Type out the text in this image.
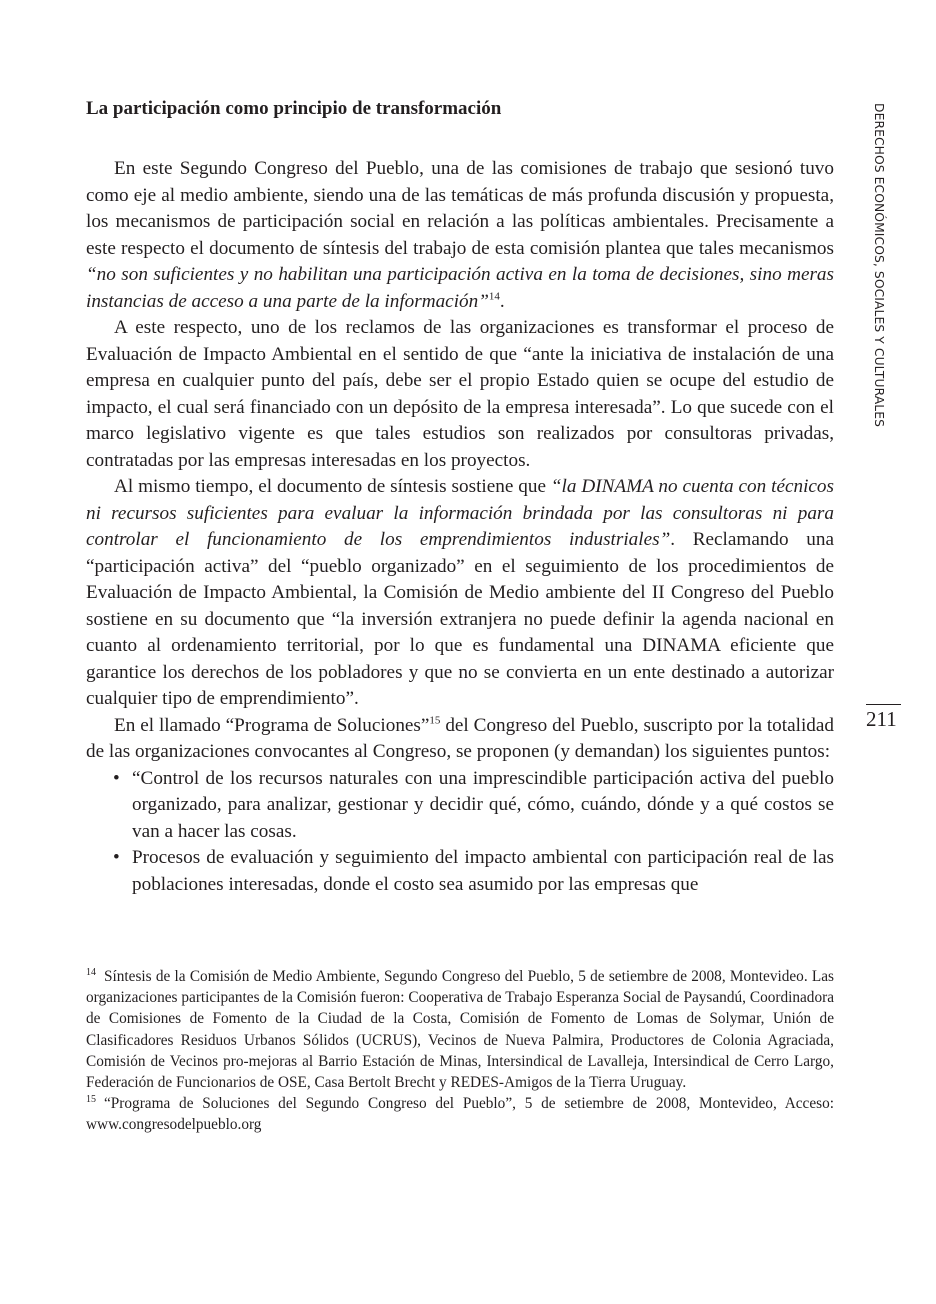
DERECHOS ECONÓMICOS, SOCIALES Y CULTURALES
211
La participación como principio de transformación

En este Segundo Congreso del Pueblo, una de las comisiones de trabajo que sesionó tuvo como eje al medio ambiente, siendo una de las temáticas de más profunda discusión y propuesta, los mecanismos de participación social en relación a las políticas ambientales. Precisamente a este respecto el documento de síntesis del trabajo de esta comisión plantea que tales mecanismos “no son suficientes y no habilitan una participación activa en la toma de decisiones, sino meras instancias de acceso a una parte de la información”$^{14}$.

A este respecto, uno de los reclamos de las organizaciones es transformar el proceso de Evaluación de Impacto Ambiental en el sentido de que “ante la iniciativa de instalación de una empresa en cualquier punto del país, debe ser el propio Estado quien se ocupe del estudio de impacto, el cual será financiado con un depósito de la empresa interesada”. Lo que sucede con el marco legislativo vigente es que tales estudios son realizados por consultoras privadas, contratadas por las empresas interesadas en los proyectos.

Al mismo tiempo, el documento de síntesis sostiene que “la DINAMA no cuenta con técnicos ni recursos suficientes para evaluar la información brindada por las consultoras ni para controlar el funcionamiento de los emprendimientos industriales”. Reclamando una “participación activa” del “pueblo organizado” en el seguimiento de los procedimientos de Evaluación de Impacto Ambiental, la Comisión de Medio ambiente del II Congreso del Pueblo sostiene en su documento que “la inversión extranjera no puede definir la agenda nacional en cuanto al ordenamiento territorial, por lo que es fundamental una DINAMA eficiente que garantice los derechos de los pobladores y que no se convierta en un ente destinado a autorizar cualquier tipo de emprendimiento”.

En el llamado “Programa de Soluciones”$^{15}$ del Congreso del Pueblo, suscripto por la totalidad de las organizaciones convocantes al Congreso, se proponen (y demandan) los siguientes puntos:

• “Control de los recursos naturales con una imprescindible participación activa del pueblo organizado, para analizar, gestionar y decidir qué, cómo, cuándo, dónde y a qué costos se van a hacer las cosas.
• Procesos de evaluación y seguimiento del impacto ambiental con participación real de las poblaciones interesadas, donde el costo sea asumido por las empresas que

$^{14}$ Síntesis de la Comisión de Medio Ambiente, Segundo Congreso del Pueblo, 5 de setiembre de 2008, Montevideo. Las organizaciones participantes de la Comisión fueron: Cooperativa de Trabajo Esperanza Social de Paysandú, Coordinadora de Comisiones de Fomento de la Ciudad de la Costa, Comisión de Fomento de Lomas de Solymar, Unión de Clasificadores Residuos Urbanos Sólidos (UCRUS), Vecinos de Nueva Palmira, Productores de Colonia Agraciada, Comisión de Vecinos pro-mejoras al Barrio Estación de Minas, Intersindical de Lavalleja, Intersindical de Cerro Largo, Federación de Funcionarios de OSE, Casa Bertolt Brecht y REDES-Amigos de la Tierra Uruguay.

$^{15}$ “Programa de Soluciones del Segundo Congreso del Pueblo”, 5 de setiembre de 2008, Montevideo, Acceso: www.congresodelpueblo.org
